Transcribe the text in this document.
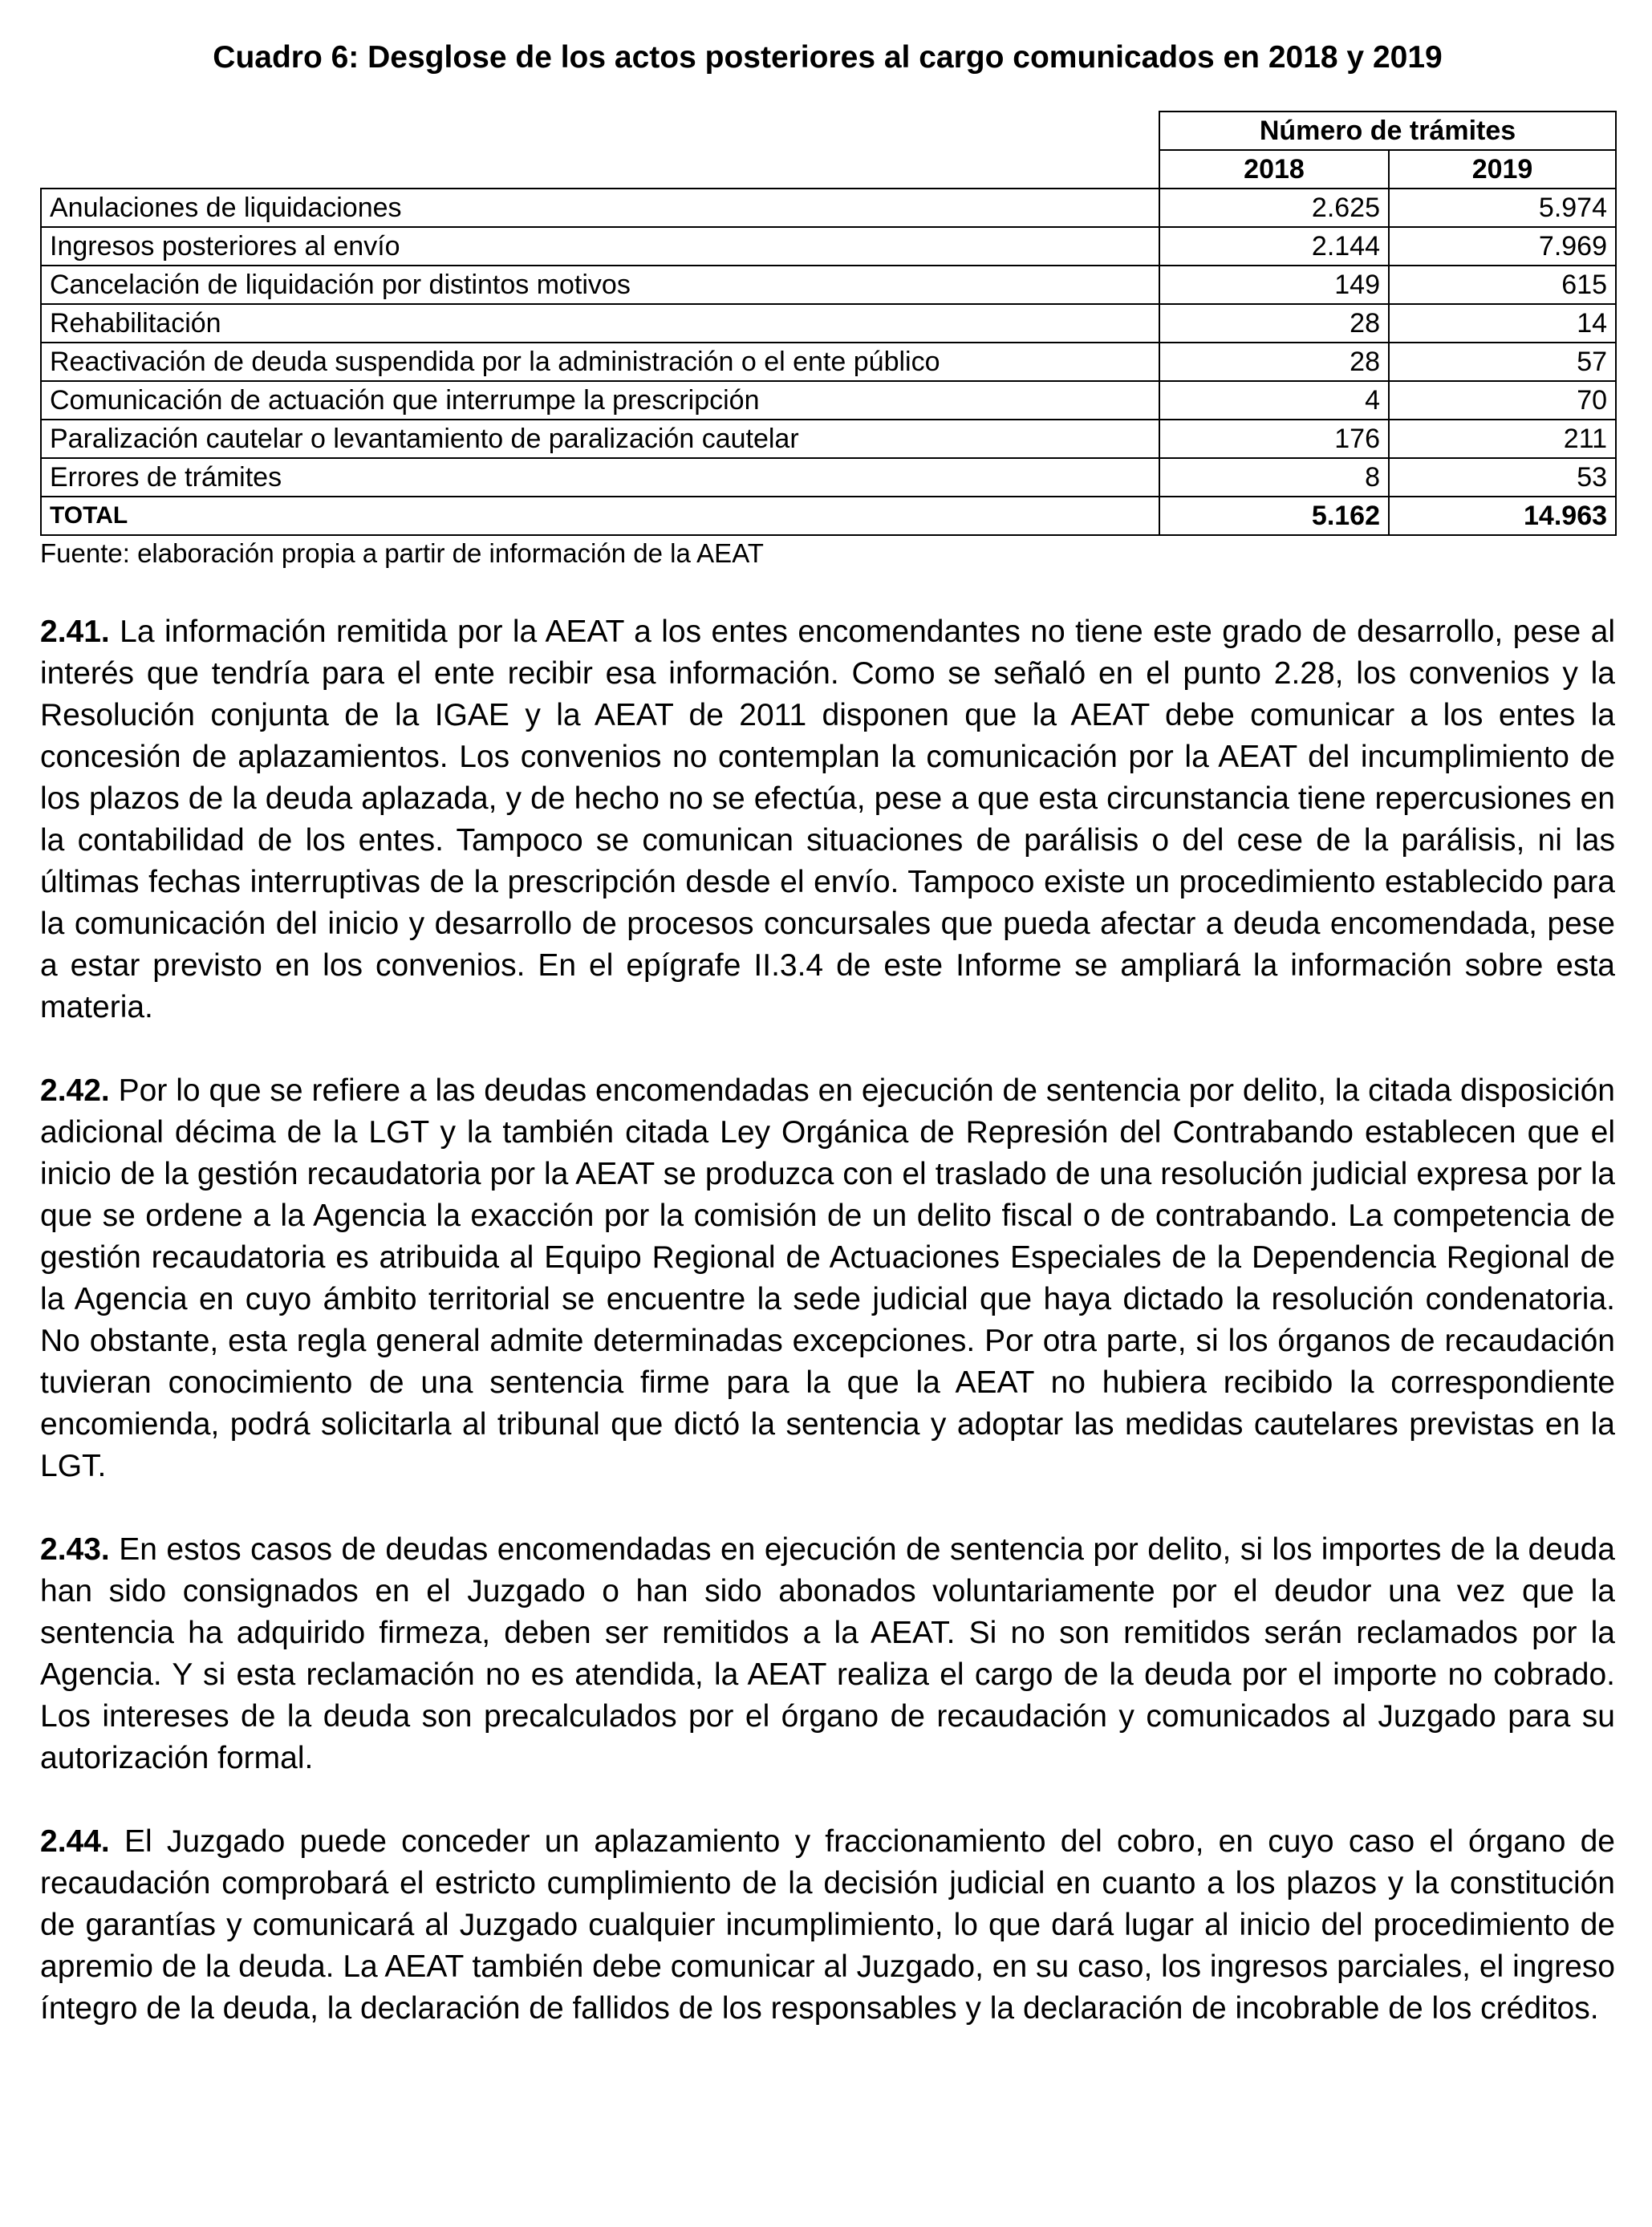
Cuadro 6: Desglose de los actos posteriores al cargo comunicados en 2018 y 2019
	Número de trámites	
	2018	2019
Anulaciones de liquidaciones	2.625	5.974
Ingresos posteriores al envío	2.144	7.969
Cancelación de liquidación por distintos motivos	149	615
Rehabilitación	28	14
Reactivación de deuda suspendida por la administración o el ente público	28	57
Comunicación de actuación que interrumpe la prescripción	4	70
Paralización cautelar o levantamiento de paralización cautelar	176	211
Errores de trámites	8	53
TOTAL	5.162	14.963
Fuente: elaboración propia a partir de información de la AEAT

2.41. La información remitida por la AEAT a los entes encomendantes no tiene este grado de desarrollo, pese al interés que tendría para el ente recibir esa información. Como se señaló en el punto 2.28, los convenios y la Resolución conjunta de la IGAE y la AEAT de 2011 disponen que la AEAT debe comunicar a los entes la concesión de aplazamientos. Los convenios no contemplan la comunicación por la AEAT del incumplimiento de los plazos de la deuda aplazada, y de hecho no se efectúa, pese a que esta circunstancia tiene repercusiones en la contabilidad de los entes. Tampoco se comunican situaciones de parálisis o del cese de la parálisis, ni las últimas fechas interruptivas de la prescripción desde el envío. Tampoco existe un procedimiento establecido para la comunicación del inicio y desarrollo de procesos concursales que pueda afectar a deuda encomendada, pese a estar previsto en los convenios. En el epígrafe II.3.4 de este Informe se ampliará la información sobre esta materia.

2.42. Por lo que se refiere a las deudas encomendadas en ejecución de sentencia por delito, la citada disposición adicional décima de la LGT y la también citada Ley Orgánica de Represión del Contrabando establecen que el inicio de la gestión recaudatoria por la AEAT se produzca con el traslado de una resolución judicial expresa por la que se ordene a la Agencia la exacción por la comisión de un delito fiscal o de contrabando. La competencia de gestión recaudatoria es atribuida al Equipo Regional de Actuaciones Especiales de la Dependencia Regional de la Agencia en cuyo ámbito territorial se encuentre la sede judicial que haya dictado la resolución condenatoria. No obstante, esta regla general admite determinadas excepciones. Por otra parte, si los órganos de recaudación tuvieran conocimiento de una sentencia firme para la que la AEAT no hubiera recibido la correspondiente encomienda, podrá solicitarla al tribunal que dictó la sentencia y adoptar las medidas cautelares previstas en la LGT.

2.43. En estos casos de deudas encomendadas en ejecución de sentencia por delito, si los importes de la deuda han sido consignados en el Juzgado o han sido abonados voluntariamente por el deudor una vez que la sentencia ha adquirido firmeza, deben ser remitidos a la AEAT. Si no son remitidos serán reclamados por la Agencia. Y si esta reclamación no es atendida, la AEAT realiza el cargo de la deuda por el importe no cobrado. Los intereses de la deuda son precalculados por el órgano de recaudación y comunicados al Juzgado para su autorización formal.

2.44. El Juzgado puede conceder un aplazamiento y fraccionamiento del cobro, en cuyo caso el órgano de recaudación comprobará el estricto cumplimiento de la decisión judicial en cuanto a los plazos y la constitución de garantías y comunicará al Juzgado cualquier incumplimiento, lo que dará lugar al inicio del procedimiento de apremio de la deuda. La AEAT también debe comunicar al Juzgado, en su caso, los ingresos parciales, el ingreso íntegro de la deuda, la declaración de fallidos de los responsables y la declaración de incobrable de los créditos.
